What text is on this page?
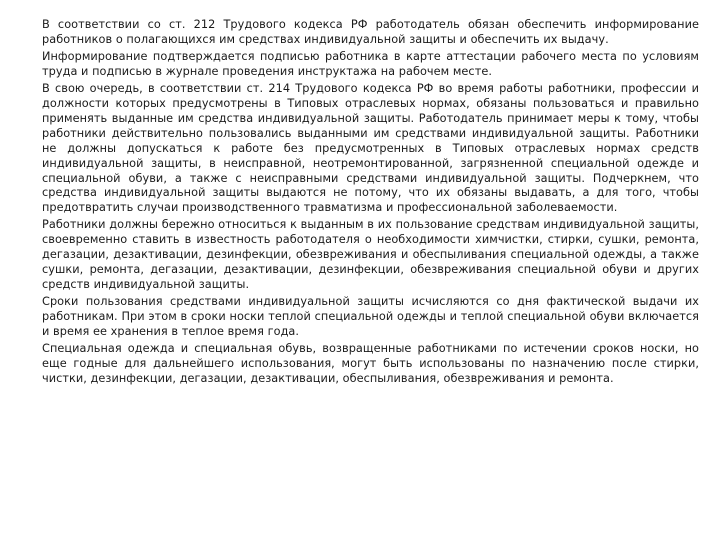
В соответствии со ст. 212 Трудового кодекса РФ работодатель обязан обеспечить информирование работников о полагающихся им средствах индивидуальной защиты и обеспечить их выдачу.

Информирование подтверждается подписью работника в карте аттестации рабочего места по условиям труда и подписью в журнале проведения инструктажа на рабочем месте.

В свою очередь, в соответствии ст. 214 Трудового кодекса РФ во время работы работники, профессии и должности которых предусмотрены в Типовых отраслевых нормах, обязаны пользоваться и правильно применять выданные им средства индивидуальной защиты. Работодатель принимает меры к тому, чтобы работники действительно пользовались выданными им средствами индивидуальной защиты. Работники не должны допускаться к работе без предусмотренных в Типовых отраслевых нормах средств индивидуальной защиты, в неисправной, неотремонтированной, загрязненной специальной одежде и специальной обуви, а также с неисправными средствами индивидуальной защиты. Подчеркнем, что средства индивидуальной защиты выдаются не потому, что их обязаны выдавать, а для того, чтобы предотвратить случаи производственного травматизма и профессиональной заболеваемости.

Работники должны бережно относиться к выданным в их пользование средствам индивидуальной защиты, своевременно ставить в известность работодателя о необходимости химчистки, стирки, сушки, ремонта, дегазации, дезактивации, дезинфекции, обезвреживания и обеспыливания специальной одежды, а также сушки, ремонта, дегазации, дезактивации, дезинфекции, обезвреживания специальной обуви и других средств индивидуальной защиты.

Сроки пользования средствами индивидуальной защиты исчисляются со дня фактической выдачи их работникам. При этом в сроки носки теплой специальной одежды и теплой специальной обуви включается и время ее хранения в теплое время года.

Специальная одежда и специальная обувь, возвращенные работниками по истечении сроков носки, но еще годные для дальнейшего использования, могут быть использованы по назначению после стирки, чистки, дезинфекции, дегазации, дезактивации, обеспыливания, обезвреживания и ремонта.
